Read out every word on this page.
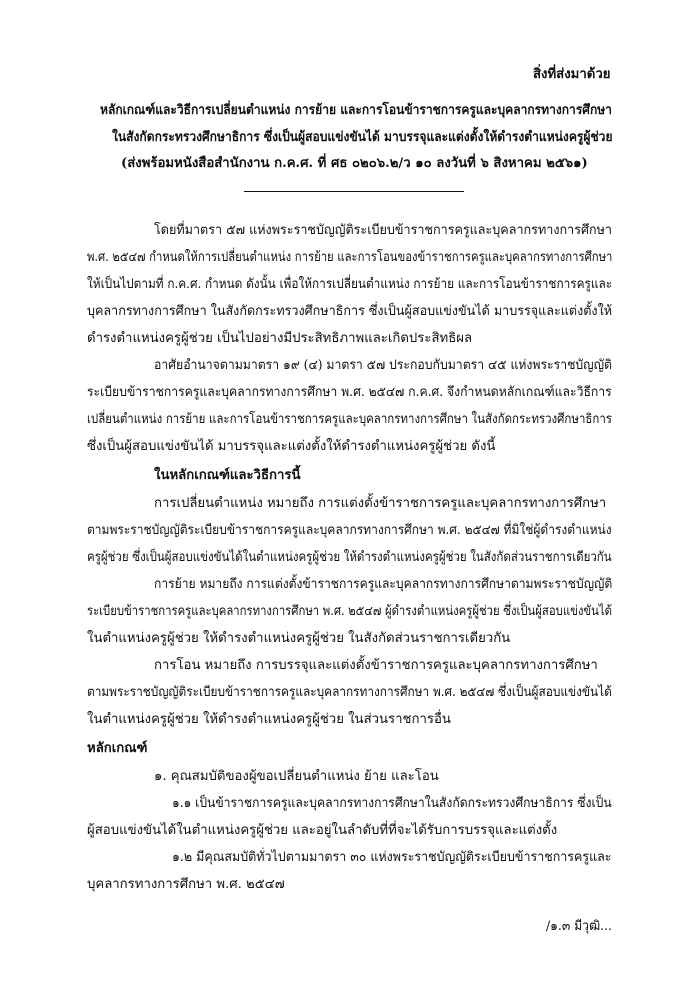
สิ่งที่ส่งมาด้วย
หลักเกณฑ์และวิธีการเปลี่ยนตำแหน่ง การย้าย และการโอนข้าราชการครูและบุคลากรทางการศึกษา
ในสังกัดกระทรวงศึกษาธิการ ซึ่งเป็นผู้สอบแข่งขันได้ มาบรรจุและแต่งตั้งให้ดำรงตำแหน่งครูผู้ช่วย
(ส่งพร้อมหนังสือสำนักงาน ก.ค.ศ. ที่ ศธ ๐๒๐๖.๒/ว ๑๐ ลงวันที่ ๖ สิงหาคม ๒๕๖๑)
โดยที่มาตรา ๕๗ แห่งพระราชบัญญัติระเบียบข้าราชการครูและบุคลากรทางการศึกษา
พ.ศ. ๒๕๔๗ กำหนดให้การเปลี่ยนตำแหน่ง การย้าย และการโอนของข้าราชการครูและบุคลากรทางการศึกษา
ให้เป็นไปตามที่ ก.ค.ศ. กำหนด ดังนั้น เพื่อให้การเปลี่ยนตำแหน่ง การย้าย และการโอนข้าราชการครูและ
บุคลากรทางการศึกษา ในสังกัดกระทรวงศึกษาธิการ ซึ่งเป็นผู้สอบแข่งขันได้ มาบรรจุและแต่งตั้งให้
ดำรงตำแหน่งครูผู้ช่วย เป็นไปอย่างมีประสิทธิภาพและเกิดประสิทธิผล
อาศัยอำนาจตามมาตรา ๑๙ (๔) มาตรา ๕๗ ประกอบกับมาตรา ๔๕ แห่งพระราชบัญญัติ
ระเบียบข้าราชการครูและบุคลากรทางการศึกษา พ.ศ. ๒๕๔๗ ก.ค.ศ. จึงกำหนดหลักเกณฑ์และวิธีการ
เปลี่ยนตำแหน่ง การย้าย และการโอนข้าราชการครูและบุคลากรทางการศึกษา ในสังกัดกระทรวงศึกษาธิการ
ซึ่งเป็นผู้สอบแข่งขันได้ มาบรรจุและแต่งตั้งให้ดำรงตำแหน่งครูผู้ช่วย ดังนี้
ในหลักเกณฑ์และวิธีการนี้
การเปลี่ยนตำแหน่ง หมายถึง การแต่งตั้งข้าราชการครูและบุคลากรทางการศึกษา
ตามพระราชบัญญัติระเบียบข้าราชการครูและบุคลากรทางการศึกษา พ.ศ. ๒๕๔๗ ที่มิใช่ผู้ดำรงตำแหน่ง
ครูผู้ช่วย ซึ่งเป็นผู้สอบแข่งขันได้ในตำแหน่งครูผู้ช่วย ให้ดำรงตำแหน่งครูผู้ช่วย ในสังกัดส่วนราชการเดียวกัน
การย้าย หมายถึง การแต่งตั้งข้าราชการครูและบุคลากรทางการศึกษาตามพระราชบัญญัติ
ระเบียบข้าราชการครูและบุคลากรทางการศึกษา พ.ศ. ๒๕๔๗ ผู้ดำรงตำแหน่งครูผู้ช่วย ซึ่งเป็นผู้สอบแข่งขันได้
ในตำแหน่งครูผู้ช่วย ให้ดำรงตำแหน่งครูผู้ช่วย ในสังกัดส่วนราชการเดียวกัน
การโอน หมายถึง การบรรจุและแต่งตั้งข้าราชการครูและบุคลากรทางการศึกษา
ตามพระราชบัญญัติระเบียบข้าราชการครูและบุคลากรทางการศึกษา พ.ศ. ๒๕๔๗ ซึ่งเป็นผู้สอบแข่งขันได้
ในตำแหน่งครูผู้ช่วย ให้ดำรงตำแหน่งครูผู้ช่วย ในส่วนราชการอื่น
หลักเกณฑ์
๑. คุณสมบัติของผู้ขอเปลี่ยนตำแหน่ง ย้าย และโอน
๑.๑ เป็นข้าราชการครูและบุคลากรทางการศึกษาในสังกัดกระทรวงศึกษาธิการ ซึ่งเป็น
ผู้สอบแข่งขันได้ในตำแหน่งครูผู้ช่วย และอยู่ในลำดับที่ที่จะได้รับการบรรจุและแต่งตั้ง
๑.๒ มีคุณสมบัติทั่วไปตามมาตรา ๓๐ แห่งพระราชบัญญัติระเบียบข้าราชการครูและ
บุคลากรทางการศึกษา พ.ศ. ๒๕๔๗
/๑.๓ มีวุฒิ...
